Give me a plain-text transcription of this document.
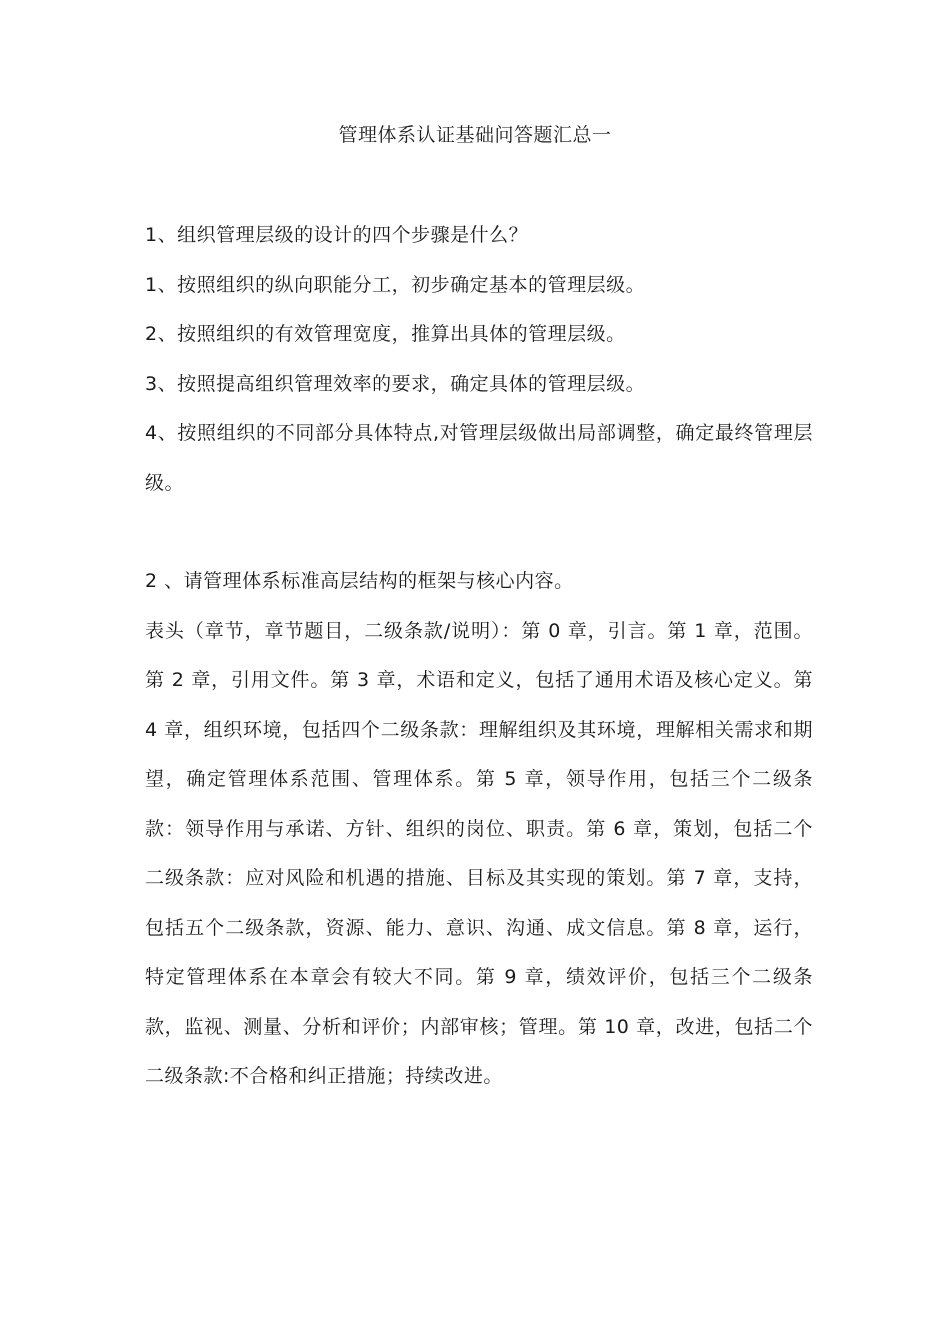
管理体系认证基础问答题汇总一

1、组织管理层级的设计的四个步骤是什么？

1、按照组织的纵向职能分工，初步确定基本的管理层级。

2、按照组织的有效管理宽度，推算出具体的管理层级。

3、按照提高组织管理效率的要求，确定具体的管理层级。

4、按照组织的不同部分具体特点,对管理层级做出局部调整，确定最终管理层级。

2 、请管理体系标准高层结构的框架与核心内容。

表头（章节，章节题目，二级条款/说明）：第 0 章，引言。第 1 章，范围。第 2 章，引用文件。第 3 章，术语和定义，包括了通用术语及核心定义。第 4 章，组织环境，包括四个二级条款：理解组织及其环境，理解相关需求和期望，确定管理体系范围、管理体系。第 5 章，领导作用，包括三个二级条款：领导作用与承诺、方针、组织的岗位、职责。第 6 章，策划，包括二个二级条款：应对风险和机遇的措施、目标及其实现的策划。第 7 章，支持，包括五个二级条款，资源、能力、意识、沟通、成文信息。第 8 章，运行，特定管理体系在本章会有较大不同。第 9 章，绩效评价，包括三个二级条款，监视、测量、分析和评价；内部审核；管理。第 10 章，改进，包括二个二级条款:不合格和纠正措施；持续改进。
